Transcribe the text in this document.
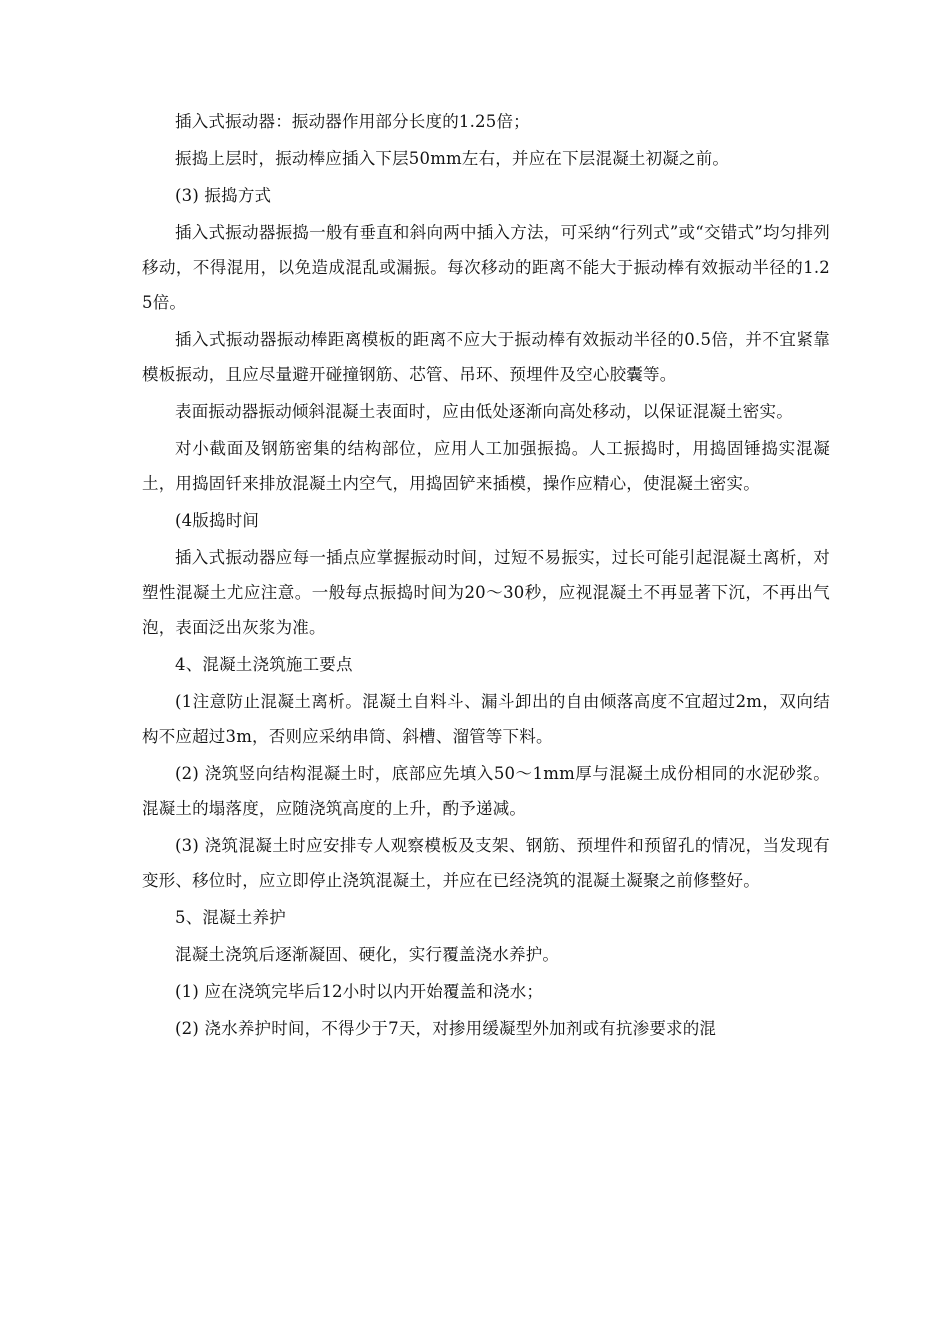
插入式振动器：振动器作用部分长度的1.25倍；

振捣上层时，振动棒应插入下层50mm左右，并应在下层混凝土初凝之前。

(3) 振捣方式

插入式振动器振捣一般有垂直和斜向两中插入方法，可采纳“行列式”或“交错式”均匀排列移动，不得混用，以免造成混乱或漏振。每次移动的距离不能大于振动棒有效振动半径的1.25倍。

插入式振动器振动棒距离模板的距离不应大于振动棒有效振动半径的0.5倍，并不宜紧靠模板振动，且应尽量避开碰撞钢筋、芯管、吊环、预埋件及空心胶囊等。

表面振动器振动倾斜混凝土表面时，应由低处逐渐向高处移动，以保证混凝土密实。

对小截面及钢筋密集的结构部位，应用人工加强振捣。人工振捣时，用捣固锤捣实混凝土，用捣固钎来排放混凝土内空气，用捣固铲来插模，操作应精心，使混凝土密实。

(4版捣时间

插入式振动器应每一插点应掌握振动时间，过短不易振实，过长可能引起混凝土离析，对塑性混凝土尤应注意。一般每点振捣时间为20〜30秒，应视混凝土不再显著下沉，不再出气泡，表面泛出灰浆为准。

4、混凝土浇筑施工要点

(1注意防止混凝土离析。混凝土自料斗、漏斗卸出的自由倾落高度不宜超过2m，双向结构不应超过3m，否则应采纳串筒、斜槽、溜管等下料。

(2) 浇筑竖向结构混凝土时，底部应先填入50〜1mm厚与混凝土成份相同的水泥砂浆。混凝土的塌落度，应随浇筑高度的上升，酌予递减。

(3) 浇筑混凝土时应安排专人观察模板及支架、钢筋、预埋件和预留孔的情况，当发现有变形、移位时，应立即停止浇筑混凝土，并应在已经浇筑的混凝土凝聚之前修整好。

5、混凝土养护

混凝土浇筑后逐渐凝固、硬化，实行覆盖浇水养护。

(1) 应在浇筑完毕后12小时以内开始覆盖和浇水；

(2) 浇水养护时间，不得少于7天，对掺用缓凝型外加剂或有抗渗要求的混
